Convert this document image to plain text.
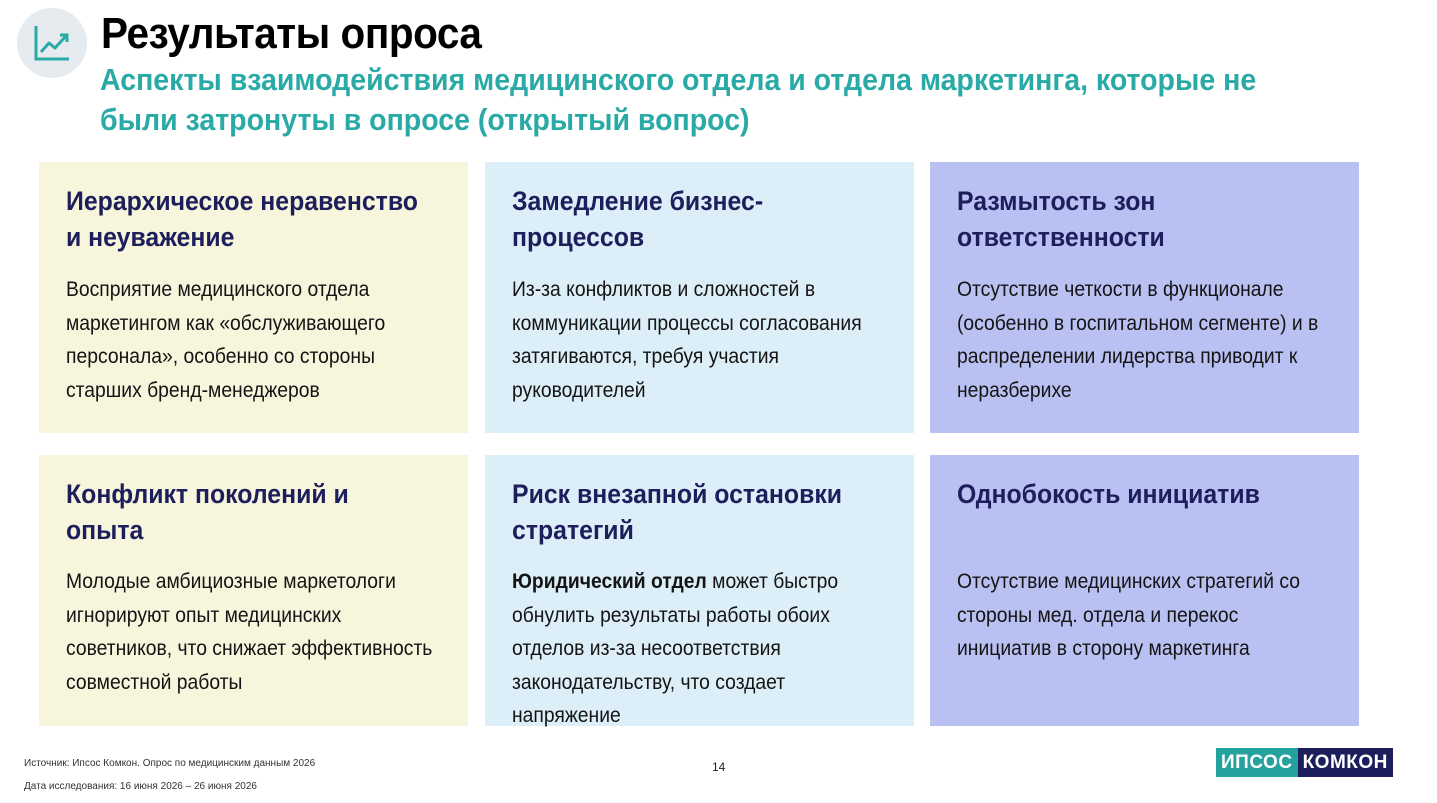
Результаты опроса
Аспекты взаимодействия медицинского отдела и отдела маркетинга, которые не были затронуты в опросе (открытый вопрос)
Иерархическое неравенство и неуважение
Восприятие медицинского отдела маркетингом как «обслуживающего персонала», особенно со стороны старших бренд-менеджеров
Замедление бизнес-процессов
Из-за конфликтов и сложностей в коммуникации процессы согласования затягиваются, требуя участия руководителей
Размытость зон ответственности
Отсутствие четкости в функционале (особенно в госпитальном сегменте) и в распределении лидерства приводит к неразберихе
Конфликт поколений и опыта
Молодые амбициозные маркетологи игнорируют опыт медицинских советников, что снижает эффективность совместной работы
Риск внезапной остановки стратегий
Юридический отдел может быстро обнулить результаты работы обоих отделов из-за несоответствия законодательству, что создает напряжение
Однобокость инициатив
Отсутствие медицинских стратегий со стороны мед. отдела и перекос инициатив в сторону маркетинга
Источник: Ипсос Комкон. Опрос по медицинским данным 2026
Дата исследования: 16 июня 2026 – 26 июня 2026
14	ИПСОС КОМКОН
